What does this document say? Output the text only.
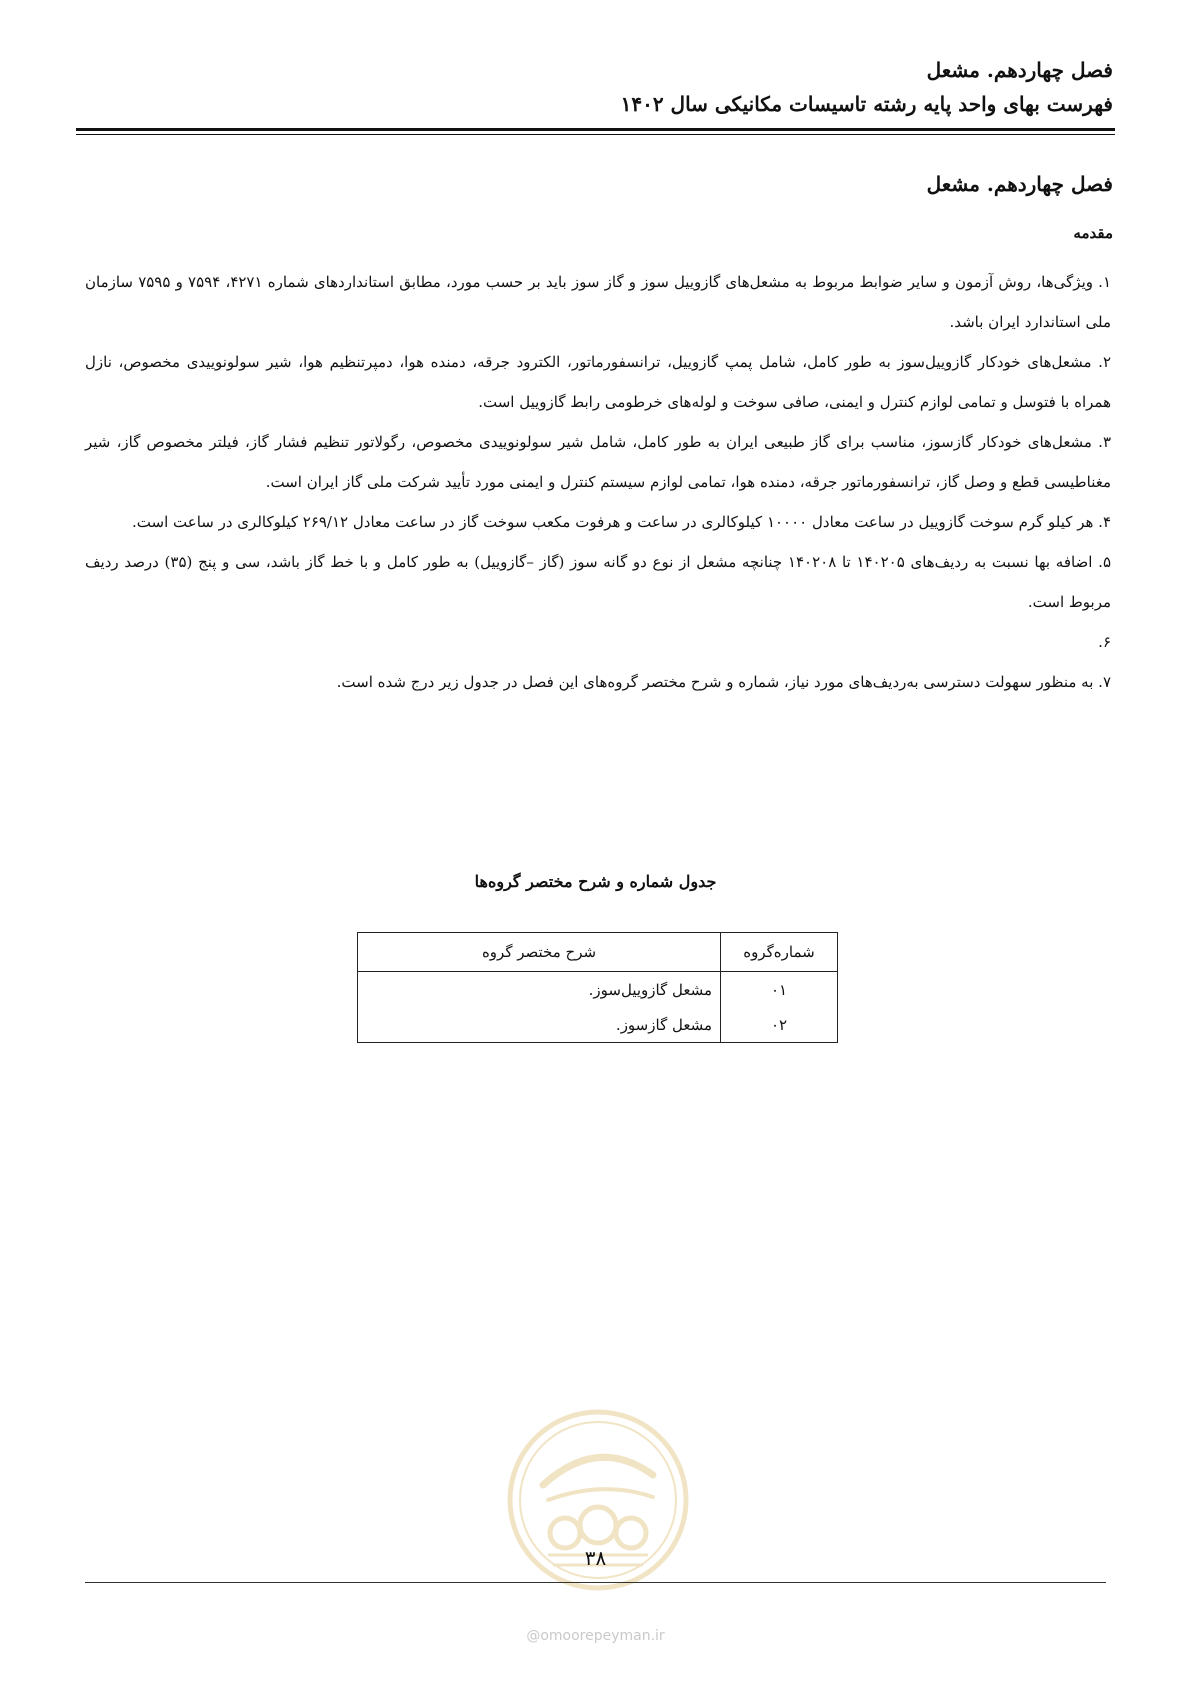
فصل چهاردهم. مشعل
فهرست بهای واحد پایه رشته تاسیسات مکانیکی سال ۱۴۰۲
فصل چهاردهم. مشعل
مقدمه

۱. ویژگی‌ها، روش آزمون و سایر ضوابط مربوط به مشعل‌های گازوییل سوز و گاز سوز باید بر حسب مورد، مطابق استانداردهای شماره ۴۲۷۱، ۷۵۹۴ و ۷۵۹۵ سازمان ملی استاندارد ایران باشد.

۲. مشعل‌های خودکار گازوییل‌سوز به طور کامل، شامل پمپ گازوییل، ترانسفورماتور، الکترود جرقه، دمنده هوا، دمپرتنظیم هوا، شیر سولونوییدی مخصوص، نازل همراه با فتوسل و تمامی لوازم کنترل و ایمنی، صافی سوخت و لوله‌های خرطومی رابط گازوییل است.

۳. مشعل‌های خودکار گازسوز، مناسب برای گاز طبیعی ایران به طور کامل، شامل شیر سولونوییدی مخصوص، رگولاتور تنظیم فشار گاز، فیلتر مخصوص گاز، شیر مغناطیسی قطع و وصل گاز، ترانسفورماتور جرقه، دمنده هوا، تمامی لوازم سیستم کنترل و ایمنی مورد تأیید شرکت ملی گاز ایران است.

۴. هر کیلو گرم سوخت گازوییل در ساعت معادل ۱۰۰۰۰ کیلوکالری در ساعت و هرفوت مکعب سوخت گاز در ساعت معادل ۲۶۹/۱۲ کیلوکالری در ساعت است.

۵. اضافه بها نسبت به ردیف‌های ۱۴۰۲۰۵ تا ۱۴۰۲۰۸ چنانچه مشعل از نوع دو گانه سوز (گاز –گازوییل) به طور کامل و با خط گاز باشد، سی و پنج (۳۵) درصد ردیف مربوط است.

۶.

۷. به منظور سهولت دسترسی به‌ردیف‌های مورد نیاز، شماره و شرح مختصر گروه‌های این فصل در جدول زیر درج شده است.

جدول شماره و شرح مختصر گروه‌ها
شماره‌گروه	شرح مختصر گروه
۰۱	مشعل گازوییل‌سوز.
۰۲	مشعل گازسوز.
۳۸
@omoorepeyman.ir
